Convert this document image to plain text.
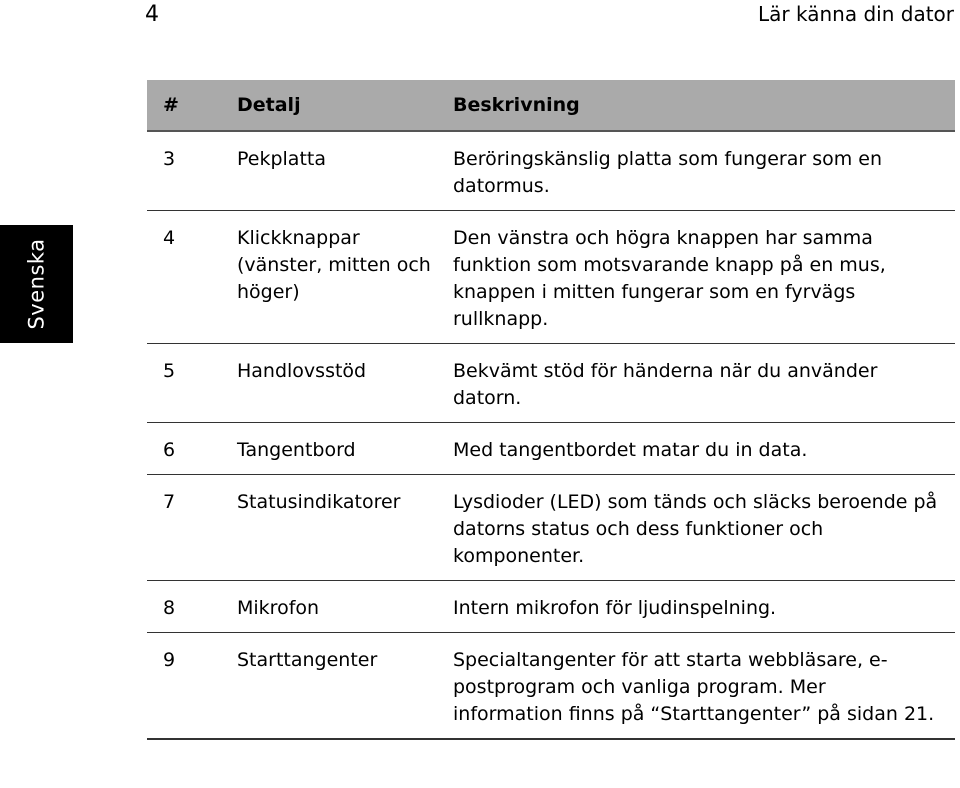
4	Lär känna din dator
Svenska
#	Detalj	Beskrivning
3	Pekplatta	Beröringskänslig platta som fungerar som en datormus.
4	Klickknappar (vänster, mitten och höger)	Den vänstra och högra knappen har samma funktion som motsvarande knapp på en mus, knappen i mitten fungerar som en fyrvägs rullknapp.
5	Handlovsstöd	Bekvämt stöd för händerna när du använder datorn.
6	Tangentbord	Med tangentbordet matar du in data.
7	Statusindikatorer	Lysdioder (LED) som tänds och släcks beroende på datorns status och dess funktioner och komponenter.
8	Mikrofon	Intern mikrofon för ljudinspelning.
9	Starttangenter	Specialtangenter för att starta webbläsare, e-postprogram och vanliga program. Mer information finns på “Starttangenter” på sidan 21.
